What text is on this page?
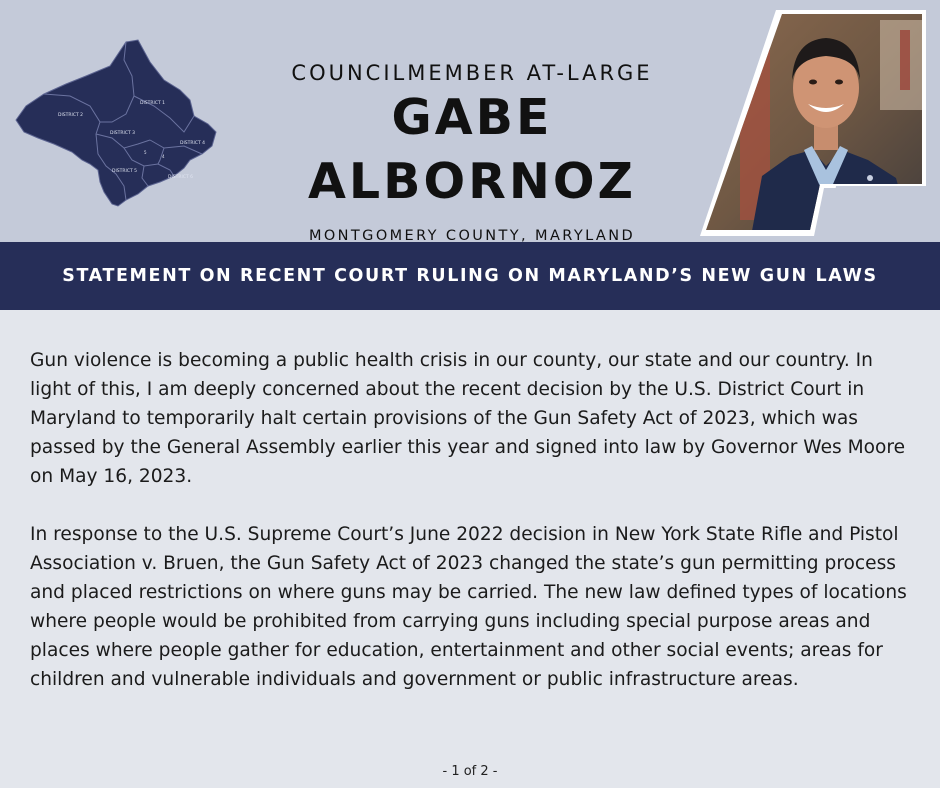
DISTRICT 2
DISTRICT 1
DISTRICT 3
DISTRICT 4
DISTRICT 5
DISTRICT 6
5
4
COUNCILMEMBER AT-LARGE
GABE ALBORNOZ
MONTGOMERY COUNTY, MARYLAND
STATEMENT ON RECENT COURT RULING ON MARYLAND’S NEW GUN LAWS

Gun violence is becoming a public health crisis in our county, our state and our country. In light of this, I am deeply concerned about the recent decision by the U.S. District Court in Maryland to temporarily halt certain provisions of the Gun Safety Act of 2023, which was passed by the General Assembly earlier this year and signed into law by Governor Wes Moore on May 16, 2023.

In response to the U.S. Supreme Court’s June 2022 decision in New York State Rifle and Pistol Association v. Bruen, the Gun Safety Act of 2023 changed the state’s gun permitting process and placed restrictions on where guns may be carried. The new law defined types of locations where people would be prohibited from carrying guns including special purpose areas and places where people gather for education, entertainment and other social events; areas for children and vulnerable individuals and government or public infrastructure areas.

- 1 of 2 -
